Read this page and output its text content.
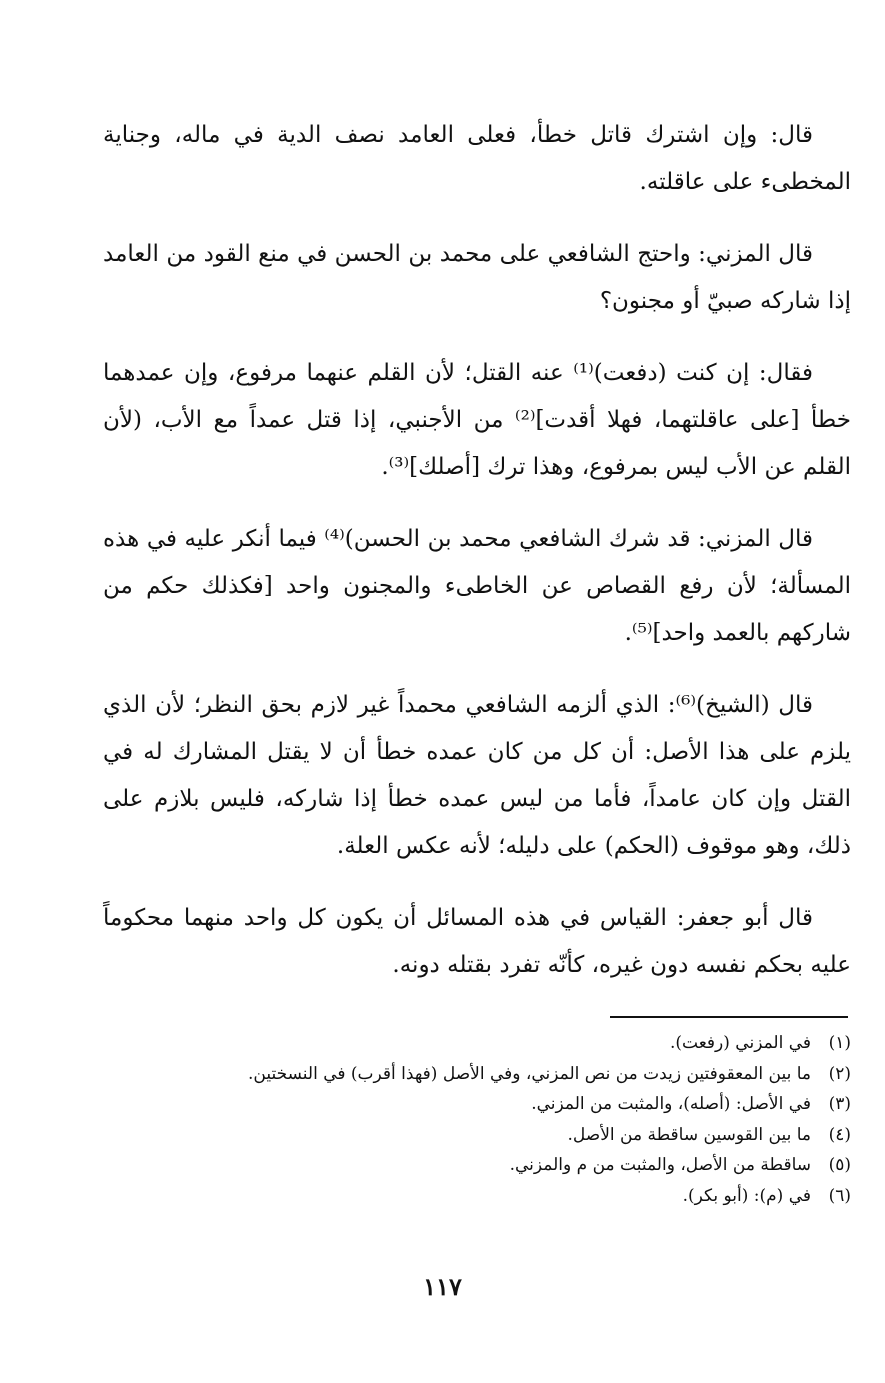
قال: وإن اشترك قاتل خطأ، فعلى العامد نصف الدية في ماله، وجناية المخطىء على عاقلته.

قال المزني: واحتج الشافعي على محمد بن الحسن في منع القود من العامد إذا شاركه صبيّ أو مجنون؟

فقال: إن كنت (دفعت)⁽¹⁾ عنه القتل؛ لأن القلم عنهما مرفوع، وإن عمدهما خطأ [على عاقلتهما، فهلا أقدت]⁽²⁾ من الأجنبي، إذا قتل عمداً مع الأب، (لأن القلم عن الأب ليس بمرفوع، وهذا ترك [أصلك]⁽³⁾.

قال المزني: قد شرك الشافعي محمد بن الحسن)⁽⁴⁾ فيما أنكر عليه في هذه المسألة؛ لأن رفع القصاص عن الخاطىء والمجنون واحد [فكذلك حكم من شاركهم بالعمد واحد]⁽⁵⁾.

قال (الشيخ)⁽⁶⁾: الذي ألزمه الشافعي محمداً غير لازم بحق النظر؛ لأن الذي يلزم على هذا الأصل: أن كل من كان عمده خطأ أن لا يقتل المشارك له في القتل وإن كان عامداً، فأما من ليس عمده خطأ إذا شاركه، فليس بلازم على ذلك، وهو موقوف (الحكم) على دليله؛ لأنه عكس العلة.

قال أبو جعفر: القياس في هذه المسائل أن يكون كل واحد منهما محكوماً عليه بحكم نفسه دون غيره، كأنّه تفرد بقتله دونه.

(١)
في المزني (رفعت).
(٢)
ما بين المعقوفتين زيدت من نص المزني، وفي الأصل (فهذا أقرب) في النسختين.
(٣)
في الأصل: (أصله)، والمثبت من المزني.
(٤)
ما بين القوسين ساقطة من الأصل.
(٥)
ساقطة من الأصل، والمثبت من م والمزني.
(٦)
في (م): (أبو بكر).
١١٧
